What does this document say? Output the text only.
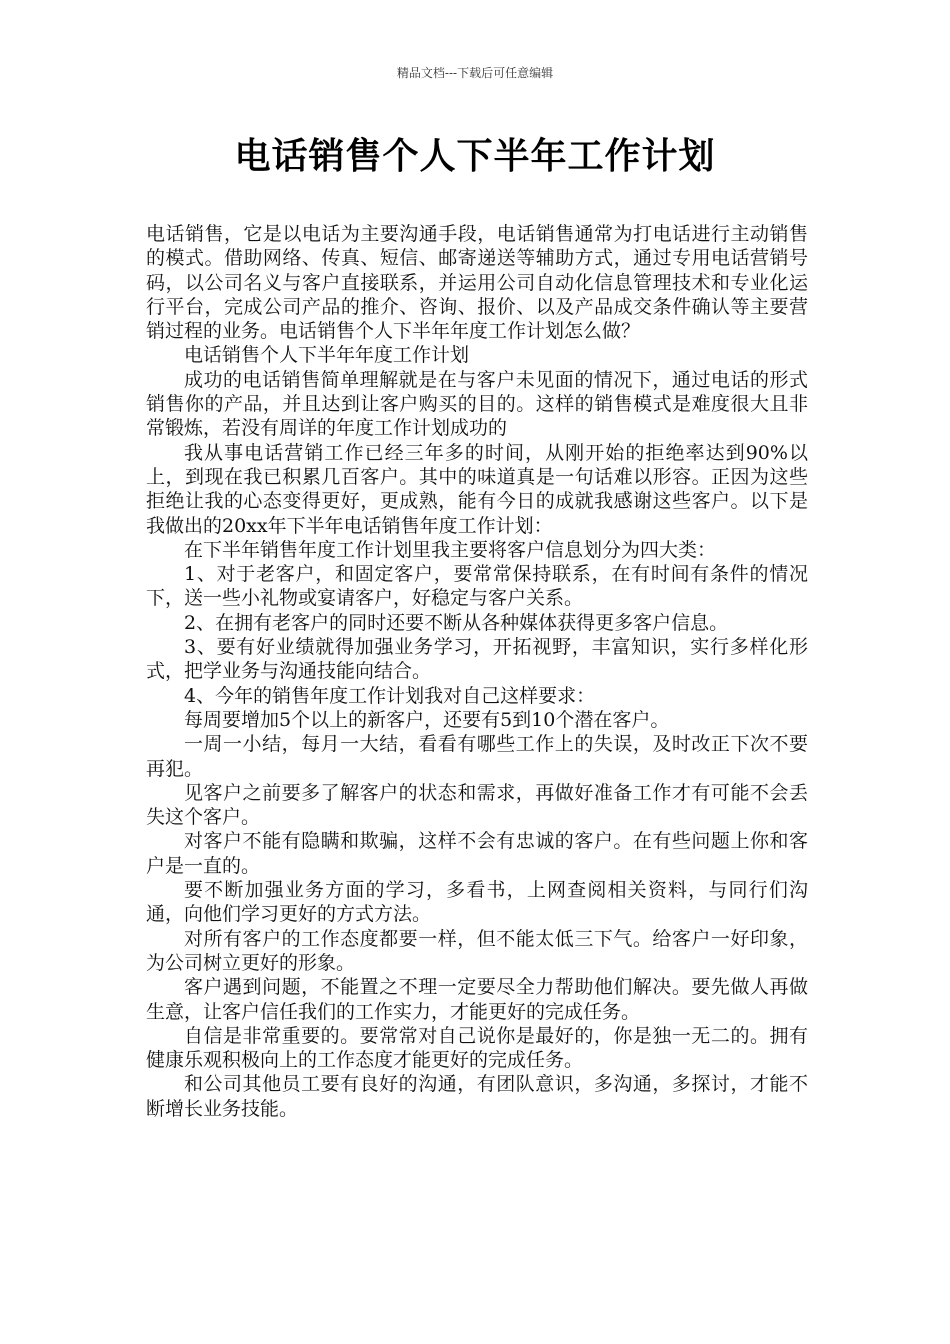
精品文档---下载后可任意编辑
电话销售个人下半年工作计划

电话销售，它是以电话为主要沟通手段，电话销售通常为打电话进行主动销售的模式。借助网络、传真、短信、邮寄递送等辅助方式，通过专用电话营销号码，以公司名义与客户直接联系，并运用公司自动化信息管理技术和专业化运行平台，完成公司产品的推介、咨询、报价、以及产品成交条件确认等主要营销过程的业务。电话销售个人下半年年度工作计划怎么做？

电话销售个人下半年年度工作计划

成功的电话销售简单理解就是在与客户未见面的情况下，通过电话的形式销售你的产品，并且达到让客户购买的目的。这样的销售模式是难度很大且非常锻炼，若没有周详的年度工作计划成功的

我从事电话营销工作已经三年多的时间，从刚开始的拒绝率达到90%以上，到现在我已积累几百客户。其中的味道真是一句话难以形容。正因为这些拒绝让我的心态变得更好，更成熟，能有今日的成就我感谢这些客户。以下是我做出的20xx年下半年电话销售年度工作计划：

在下半年销售年度工作计划里我主要将客户信息划分为四大类：

1、对于老客户，和固定客户，要常常保持联系，在有时间有条件的情况下，送一些小礼物或宴请客户，好稳定与客户关系。

2、在拥有老客户的同时还要不断从各种媒体获得更多客户信息。

3、要有好业绩就得加强业务学习，开拓视野，丰富知识，实行多样化形式，把学业务与沟通技能向结合。

4、今年的销售年度工作计划我对自己这样要求：

每周要增加5个以上的新客户，还要有5到10个潜在客户。

一周一小结，每月一大结，看看有哪些工作上的失误，及时改正下次不要再犯。

见客户之前要多了解客户的状态和需求，再做好准备工作才有可能不会丢失这个客户。

对客户不能有隐瞒和欺骗，这样不会有忠诚的客户。在有些问题上你和客户是一直的。

要不断加强业务方面的学习，多看书，上网查阅相关资料，与同行们沟通，向他们学习更好的方式方法。

对所有客户的工作态度都要一样，但不能太低三下气。给客户一好印象，为公司树立更好的形象。

客户遇到问题，不能置之不理一定要尽全力帮助他们解决。要先做人再做生意，让客户信任我们的工作实力，才能更好的完成任务。

自信是非常重要的。要常常对自己说你是最好的，你是独一无二的。拥有健康乐观积极向上的工作态度才能更好的完成任务。

和公司其他员工要有良好的沟通，有团队意识，多沟通，多探讨，才能不断增长业务技能。
